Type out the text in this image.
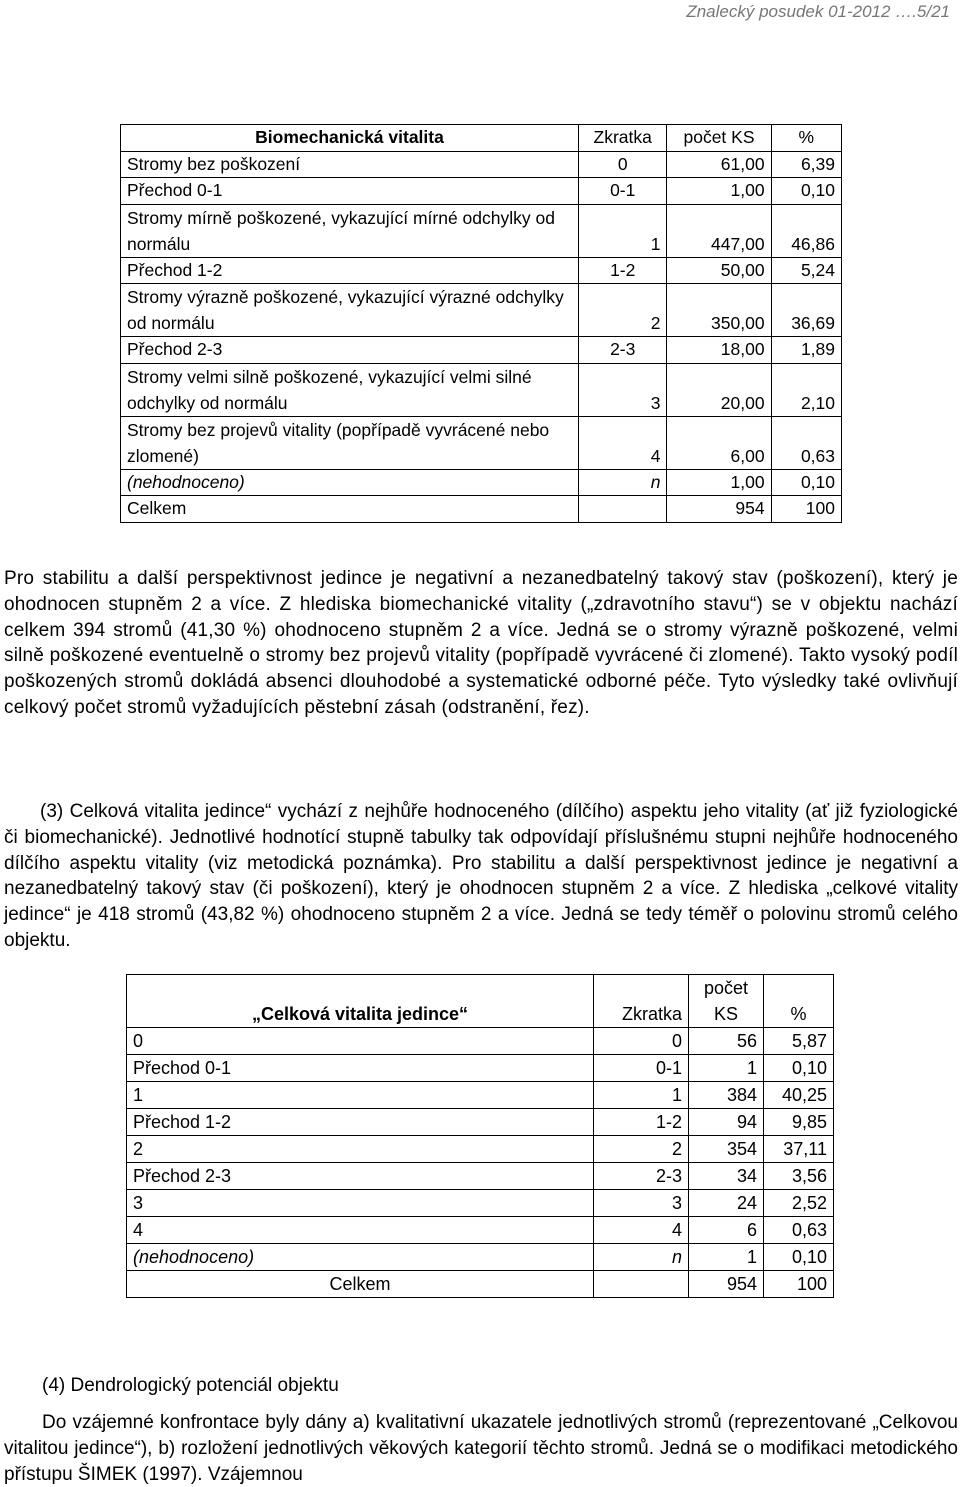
Znalecký posudek 01-2012 ….5/21
Biomechanická vitalita	Zkratka	počet KS	%
Stromy bez poškození	0	61,00	6,39
Přechod 0-1	0-1	1,00	0,10
Stromy mírně poškozené, vykazující mírné odchylky od normálu	1	447,00	46,86
Přechod 1-2	1-2	50,00	5,24
Stromy výrazně poškozené, vykazující výrazné odchylky od normálu	2	350,00	36,69
Přechod 2-3	2-3	18,00	1,89
Stromy velmi silně poškozené, vykazující velmi silné odchylky od normálu	3	20,00	2,10
Stromy bez projevů vitality (popřípadě vyvrácené nebo zlomené)	4	6,00	0,63
(nehodnoceno)	n	1,00	0,10
Celkem		954	100

Pro stabilitu a další perspektivnost jedince je negativní a nezanedbatelný takový stav (poškození), který je ohodnocen stupněm 2 a více. Z hlediska biomechanické vitality („zdravotního stavu“) se v objektu nachází celkem 394 stromů (41,30 %) ohodnoceno stupněm 2 a více. Jedná se o stromy výrazně poškozené, velmi silně poškozené eventuelně o stromy bez projevů vitality (popřípadě vyvrácené či zlomené). Takto vysoký podíl poškozených stromů dokládá absenci dlouhodobé a systematické odborné péče. Tyto výsledky také ovlivňují celkový počet stromů vyžadujících pěstební zásah (odstranění, řez).

(3) Celková vitalita jedince“ vychází z nejhůře hodnoceného (dílčího) aspektu jeho vitality (ať již fyziologické či biomechanické). Jednotlivé hodnotící stupně tabulky tak odpovídají příslušnému stupni nejhůře hodnoceného dílčího aspektu vitality (viz metodická poznámka). Pro stabilitu a další perspektivnost jedince je negativní a nezanedbatelný takový stav (či poškození), který je ohodnocen stupněm 2 a více. Z hlediska „celkové vitality jedince“ je 418 stromů (43,82 %) ohodnoceno stupněm 2 a více. Jedná se tedy téměř o polovinu stromů celého objektu.

„Celková vitalita jedince“	Zkratka	počet KS	%
0	0	56	5,87
Přechod 0-1	0-1	1	0,10
1	1	384	40,25
Přechod 1-2	1-2	94	9,85
2	2	354	37,11
Přechod 2-3	2-3	34	3,56
3	3	24	2,52
4	4	6	0,63
(nehodnoceno)	n	1	0,10
Celkem		954	100

(4) Dendrologický potenciál objektu

Do vzájemné konfrontace byly dány a) kvalitativní ukazatele jednotlivých stromů (reprezentované „Celkovou vitalitou jedince“), b) rozložení jednotlivých věkových kategorií těchto stromů. Jedná se o modifikaci metodického přístupu ŠIMEK (1997). Vzájemnou
